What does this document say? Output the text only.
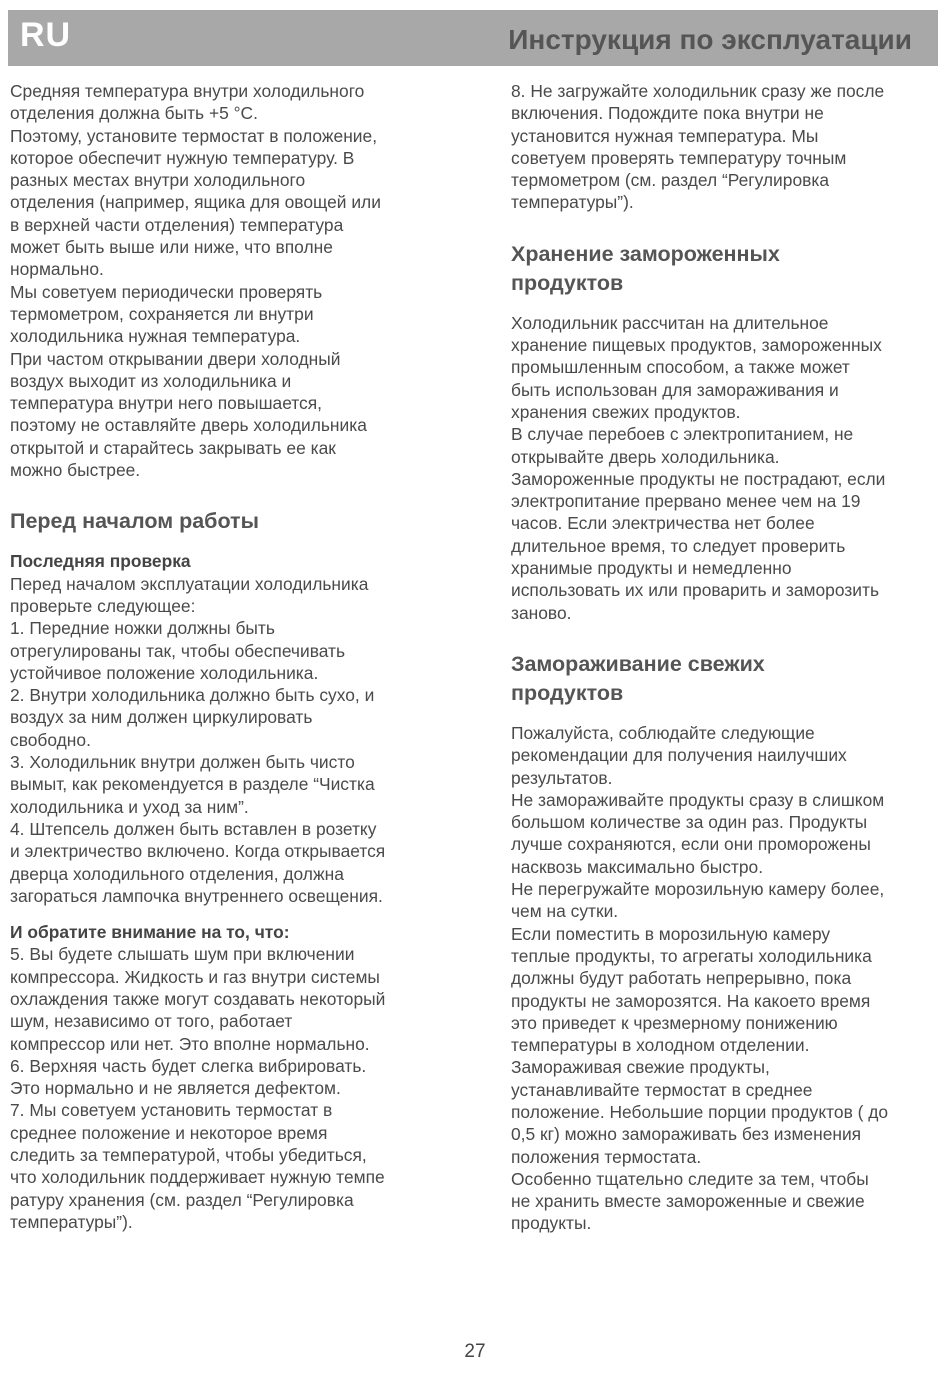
RU	Инструкция по эксплуатации

Средняя температура внутри холодильного
отделения должна быть +5 °C.
Поэтому, установите термостат в положение,
которое обеспечит нужную температуру. В
разных местах внутри холодильного
отделения (например, ящика для овощей или
в верхней части отделения) температура
может быть выше или ниже, что вполне
нормально.
Мы советуем периодически проверять
термометром, сохраняется ли внутри
холодильника нужная температура.
При частом открывании двери холодный
воздух выходит из холодильника и
температура внутри него повышается,
поэтому не оставляйте дверь холодильника
открытой и старайтесь закрывать ее как
можно быстрее.

Перед началом работы
Последняя проверка

Перед началом эксплуатации холодильника
проверьте следующее:
1. Передние ножки должны быть
отрегулированы так, чтобы обеспечивать
устойчивое положение холодильника.
2. Внутри холодильника должно быть сухо, и
воздух за ним должен циркулировать
свободно.
3. Холодильник внутри должен быть чисто
вымыт, как рекомендуется в разделе “Чистка
холодильника и уход за ним”.
4. Штепсель должен быть вставлен в розетку
и электричество включено. Когда открывается
дверца холодильного отделения, должна
загораться лампочка внутреннего освещения.

И обратите внимание на то, что:

5. Вы будете слышать шум при включении
компрессора. Жидкость и газ внутри системы
охлаждения также могут создавать некоторый
шум, независимо от того, работает
компрессор или нет. Это вполне нормально.
6. Верхняя часть будет слегка вибрировать.
Это нормально и не является дефектом.
7. Мы советуем установить термостат в
среднее положение и некоторое время
следить за температурой, чтобы убедиться,
что холодильник поддерживает нужную темпе
ратуру хранения (см. раздел “Регулировка
температуры”).

8. Не загружайте холодильник сразу же после
включения. Подождите пока внутри не
установится нужная температура. Мы
советуем проверять температуру точным
термометром (см. раздел “Регулировка
температуры”).

Хранение замороженных
продуктов

Холодильник рассчитан на длительное
хранение пищевых продуктов, замороженных
промышленным способом, а также может
быть использован для замораживания и
хранения свежих продуктов.
В случае перебоев с электропитанием, не
открывайте дверь холодильника.
Замороженные продукты не пострадают, если
электропитание прервано менее чем на 19
часов. Если электричества нет более
длительное время, то следует проверить
хранимые продукты и немедленно
использовать их или проварить и заморозить
заново.

Замораживание свежих
продуктов

Пожалуйста, соблюдайте следующие
рекомендации для получения наилучших
результатов.
Не замораживайте продукты сразу в слишком
большом количестве за один раз. Продукты
лучше сохраняются, если они проморожены
насквозь максимально быстро.
Не перегружайте морозильную камеру более,
чем на сутки.
Если поместить в морозильную камеру
теплые продукты, то агрегаты холодильника
должны будут работать непрерывно, пока
продукты не заморозятся. На какоето время
это приведет к чрезмерному понижению
температуры в холодном отделении.
Замораживая свежие продукты,
устанавливайте термостат в среднее
положение. Небольшие порции продуктов ( до
0,5 кг) можно замораживать без изменения
положения термостата.
Особенно тщательно следите за тем, чтобы
не хранить вместе замороженные и свежие
продукты.

27
